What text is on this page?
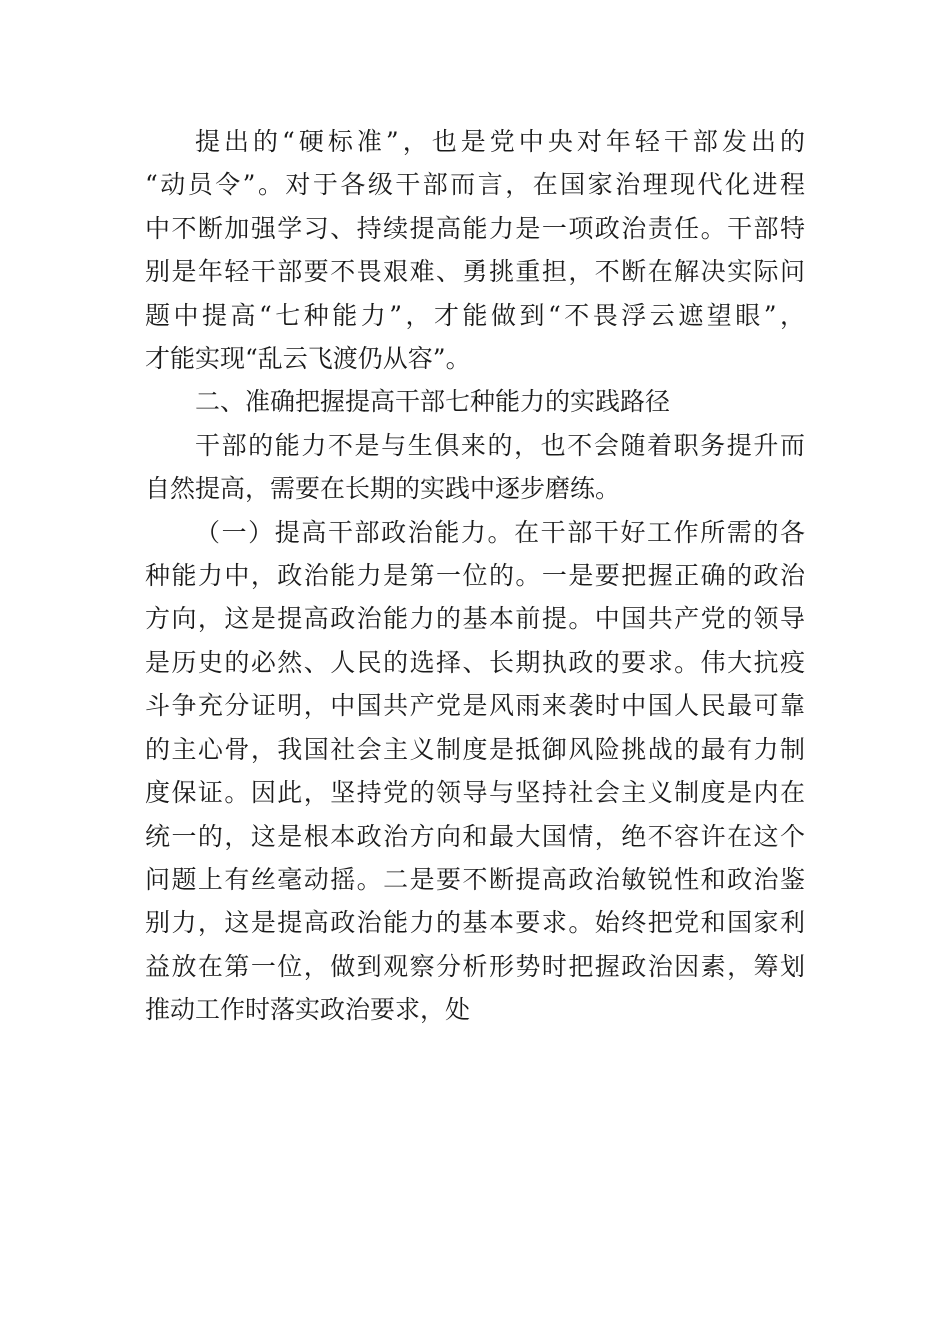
提出的“硬标准”，也是党中央对年轻干部发出的
“动员令”。对于各级干部而言，在国家治理现代化进程
中不断加强学习、持续提高能力是一项政治责任。干部特
别是年轻干部要不畏艰难、勇挑重担，不断在解决实际问
题中提高“七种能力”，才能做到“不畏浮云遮望眼”，
才能实现“乱云飞渡仍从容”。

二、准确把握提高干部七种能力的实践路径

干部的能力不是与生俱来的，也不会随着职务提升而
自然提高，需要在长期的实践中逐步磨练。

（一）提高干部政治能力。在干部干好工作所需的各
种能力中，政治能力是第一位的。一是要把握正确的政治
方向，这是提高政治能力的基本前提。中国共产党的领导
是历史的必然、人民的选择、长期执政的要求。伟大抗疫
斗争充分证明，中国共产党是风雨来袭时中国人民最可靠
的主心骨，我国社会主义制度是抵御风险挑战的最有力制
度保证。因此，坚持党的领导与坚持社会主义制度是内在
统一的，这是根本政治方向和最大国情，绝不容许在这个
问题上有丝毫动摇。二是要不断提高政治敏锐性和政治鉴
别力，这是提高政治能力的基本要求。始终把党和国家利
益放在第一位，做到观察分析形势时把握政治因素，筹划
推动工作时落实政治要求，处
